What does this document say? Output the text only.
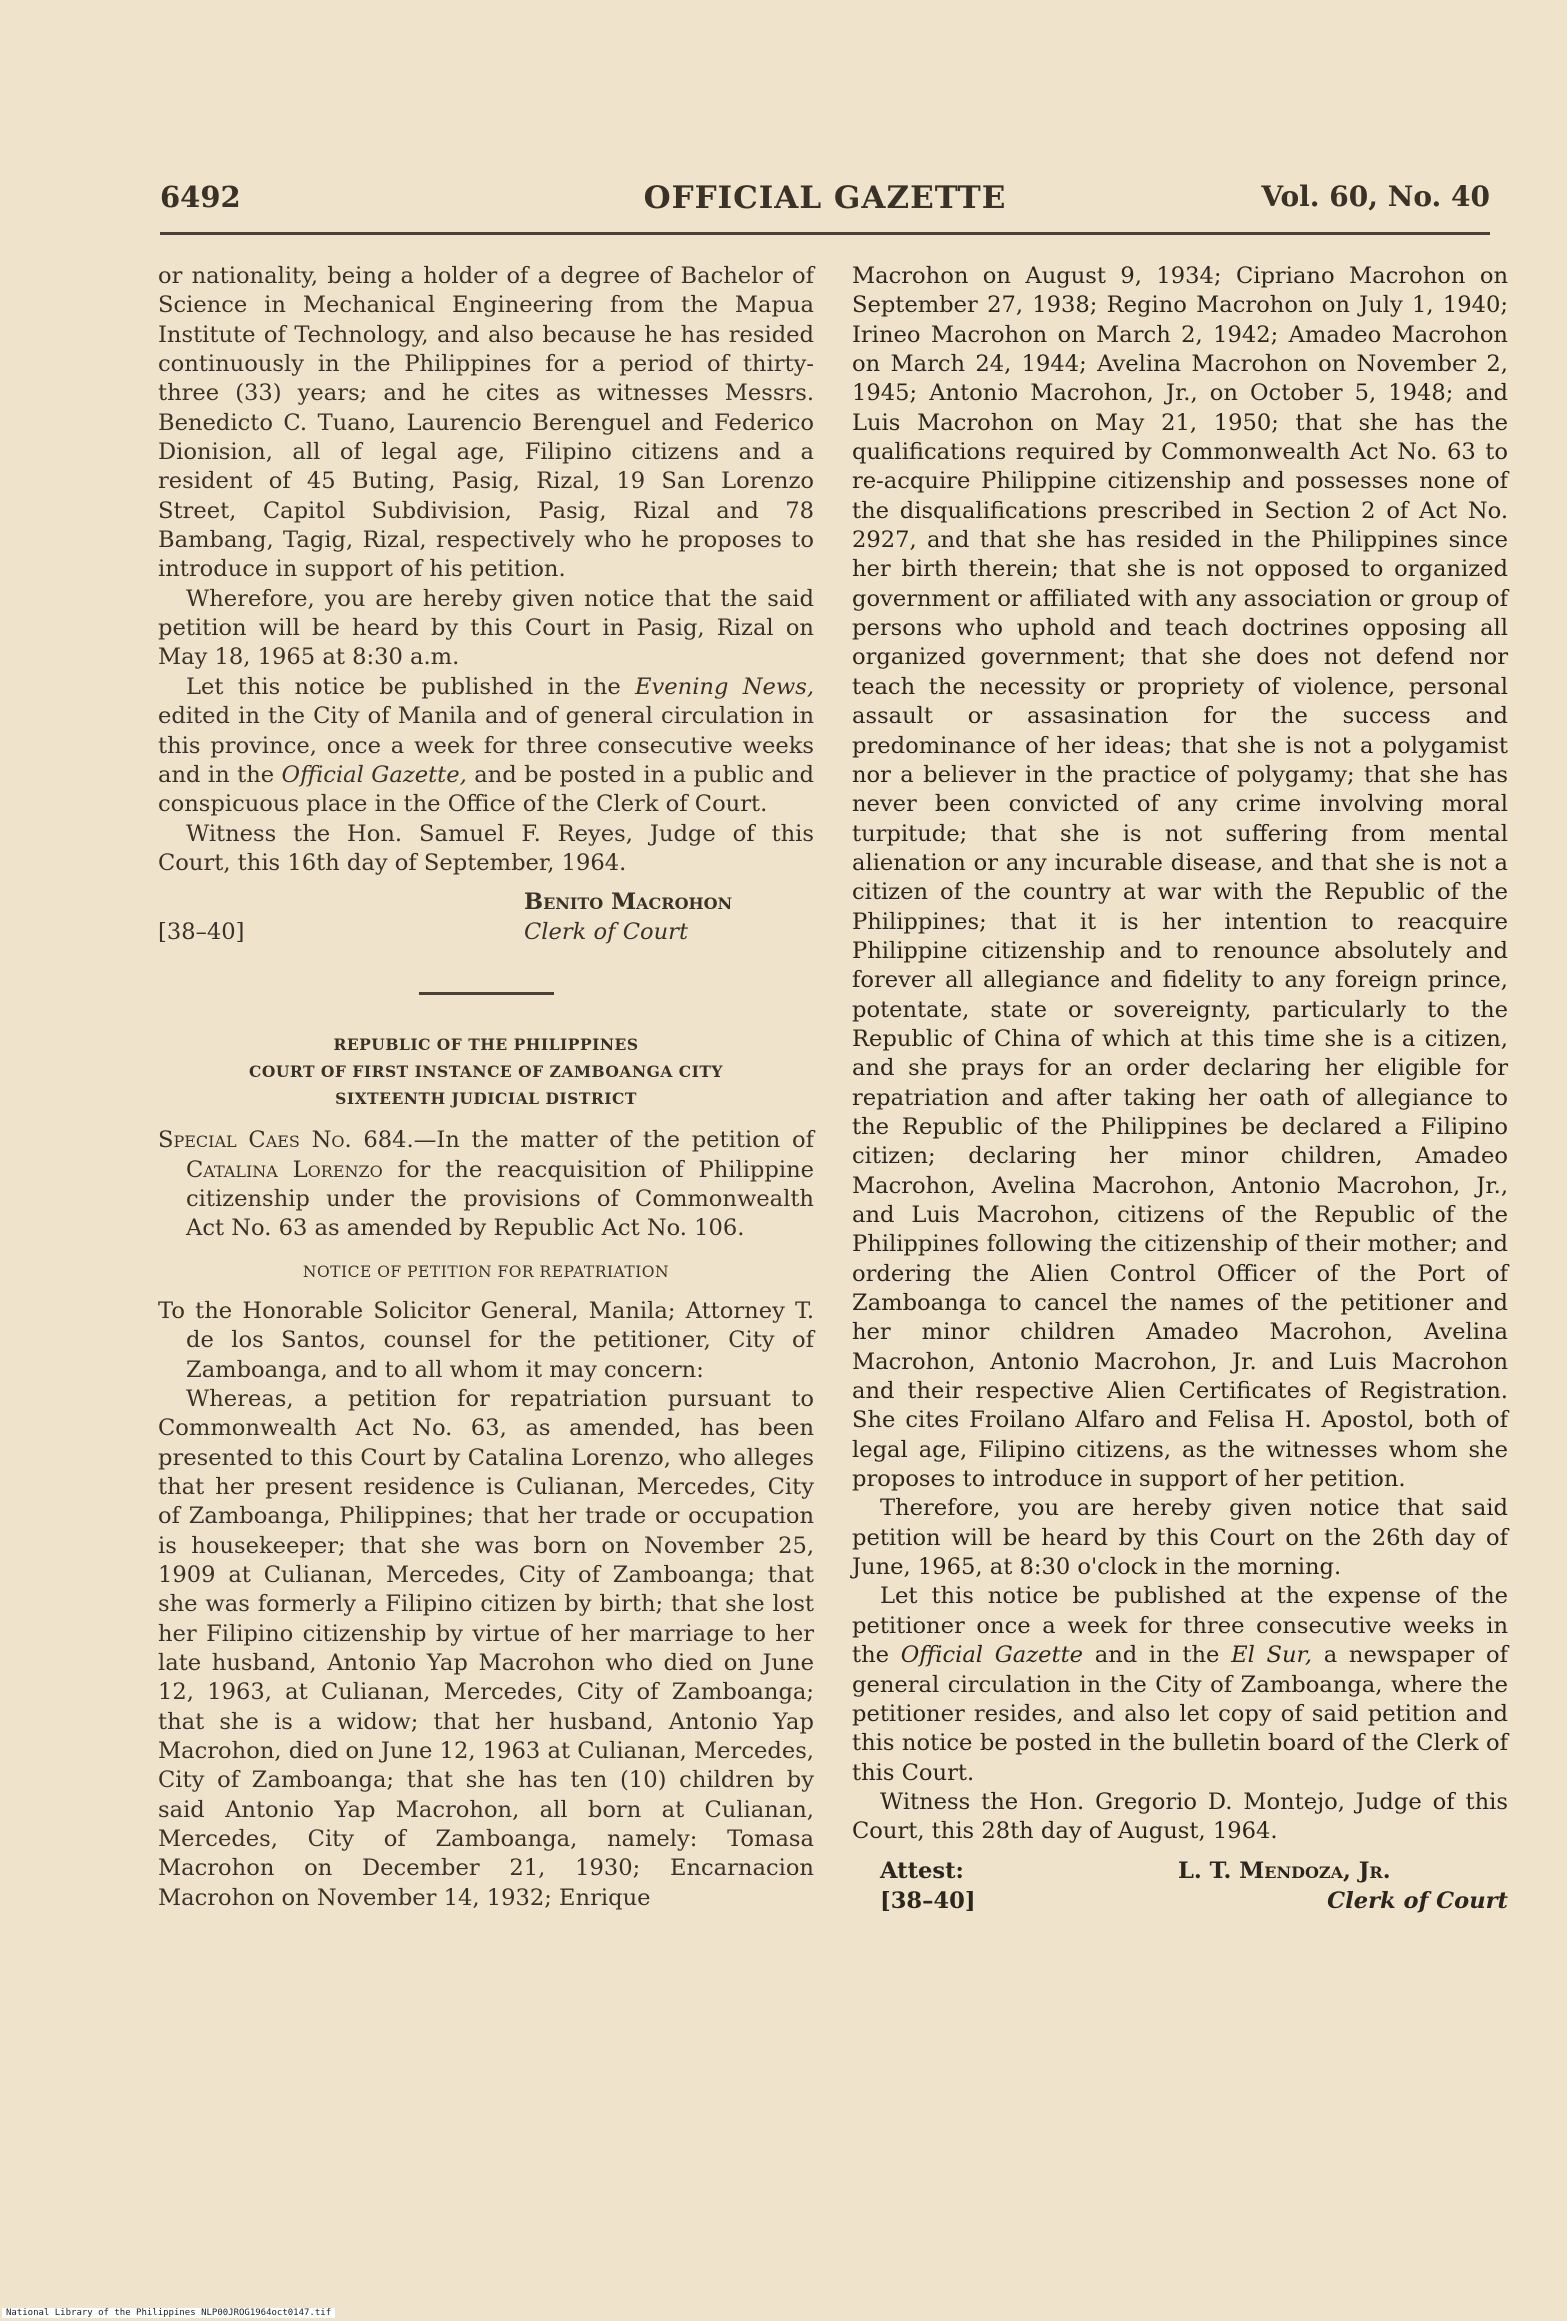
6492	OFFICIAL GAZETTE	Vol. 60, No. 40

or nationality, being a holder of a degree of Bachelor of Science in Mechanical Engineering from the Mapua Institute of Technology, and also because he has resided continuously in the Philippines for a period of thirty-three (33) years; and he cites as witnesses Messrs. Benedicto C. Tuano, Laurencio Berenguel and Federico Dionision, all of legal age, Filipino citizens and a resident of 45 Buting, Pasig, Rizal, 19 San Lorenzo Street, Capitol Subdivision, Pasig, Rizal and 78 Bambang, Tagig, Rizal, respectively who he proposes to introduce in support of his petition.

Wherefore, you are hereby given notice that the said petition will be heard by this Court in Pasig, Rizal on May 18, 1965 at 8:30 a.m.

Let this notice be published in the Evening News, edited in the City of Manila and of general circulation in this province, once a week for three consecutive weeks and in the Official Gazette, and be posted in a public and conspicuous place in the Office of the Clerk of Court.

Witness the Hon. Samuel F. Reyes, Judge of this Court, this 16th day of September, 1964.

Benito Macrohon
[38–40]	Clerk of Court
REPUBLIC OF THE PHILIPPINES
COURT OF FIRST INSTANCE OF ZAMBOANGA CITY
SIXTEENTH JUDICIAL DISTRICT

Special Caes No. 684.—In the matter of the petition of Catalina Lorenzo for the reacquisition of Philippine citizenship under the provisions of Commonwealth Act No. 63 as amended by Republic Act No. 106.

NOTICE OF PETITION FOR REPATRIATION

To the Honorable Solicitor General, Manila; Attorney T. de los Santos, counsel for the petitioner, City of Zamboanga, and to all whom it may concern:

Whereas, a petition for repatriation pursuant to Commonwealth Act No. 63, as amended, has been presented to this Court by Catalina Lorenzo, who alleges that her present residence is Culianan, Mercedes, City of Zamboanga, Philippines; that her trade or occupation is housekeeper; that she was born on November 25, 1909 at Culianan, Mercedes, City of Zamboanga; that she was formerly a Filipino citizen by birth; that she lost her Filipino citizenship by virtue of her marriage to her late husband, Antonio Yap Macrohon who died on June 12, 1963, at Culianan, Mercedes, City of Zamboanga; that she is a widow; that her husband, Antonio Yap Macrohon, died on June 12, 1963 at Culianan, Mercedes, City of Zamboanga; that she has ten (10) children by said Antonio Yap Macrohon, all born at Culianan, Mercedes, City of Zamboanga, namely: Tomasa Macrohon on December 21, 1930; Encarnacion Macrohon on November 14, 1932; Enrique

Macrohon on August 9, 1934; Cipriano Macrohon on September 27, 1938; Regino Macrohon on July 1, 1940; Irineo Macrohon on March 2, 1942; Amadeo Macrohon on March 24, 1944; Avelina Macrohon on November 2, 1945; Antonio Macrohon, Jr., on October 5, 1948; and Luis Macrohon on May 21, 1950; that she has the qualifications required by Commonwealth Act No. 63 to re-acquire Philippine citizenship and possesses none of the disqualifications prescribed in Section 2 of Act No. 2927, and that she has resided in the Philippines since her birth therein; that she is not opposed to organized government or affiliated with any association or group of persons who uphold and teach doctrines opposing all organized government; that she does not defend nor teach the necessity or propriety of violence, personal assault or assasination for the success and predominance of her ideas; that she is not a polygamist nor a believer in the practice of polygamy; that she has never been convicted of any crime involving moral turpitude; that she is not suffering from mental alienation or any incurable disease, and that she is not a citizen of the country at war with the Republic of the Philippines; that it is her intention to reacquire Philippine citizenship and to renounce absolutely and forever all allegiance and fidelity to any foreign prince, potentate, state or sovereignty, particularly to the Republic of China of which at this time she is a citizen, and she prays for an order declaring her eligible for repatriation and after taking her oath of allegiance to the Republic of the Philippines be declared a Filipino citizen; declaring her minor children, Amadeo Macrohon, Avelina Macrohon, Antonio Macrohon, Jr., and Luis Macrohon, citizens of the Republic of the Philippines following the citizenship of their mother; and ordering the Alien Control Officer of the Port of Zamboanga to cancel the names of the petitioner and her minor children Amadeo Macrohon, Avelina Macrohon, Antonio Macrohon, Jr. and Luis Macrohon and their respective Alien Certificates of Registration. She cites Froilano Alfaro and Felisa H. Apostol, both of legal age, Filipino citizens, as the witnesses whom she proposes to introduce in support of her petition.

Therefore, you are hereby given notice that said petition will be heard by this Court on the 26th day of June, 1965, at 8:30 o'clock in the morning.

Let this notice be published at the expense of the petitioner once a week for three consecutive weeks in the Official Gazette and in the El Sur, a newspaper of general circulation in the City of Zamboanga, where the petitioner resides, and also let copy of said petition and this notice be posted in the bulletin board of the Clerk of this Court.

Witness the Hon. Gregorio D. Montejo, Judge of this Court, this 28th day of August, 1964.

Attest:	L. T. Mendoza, Jr.
[38–40]	Clerk of Court
National Library of the Philippines NLP00JROG1964oct0147.tif
